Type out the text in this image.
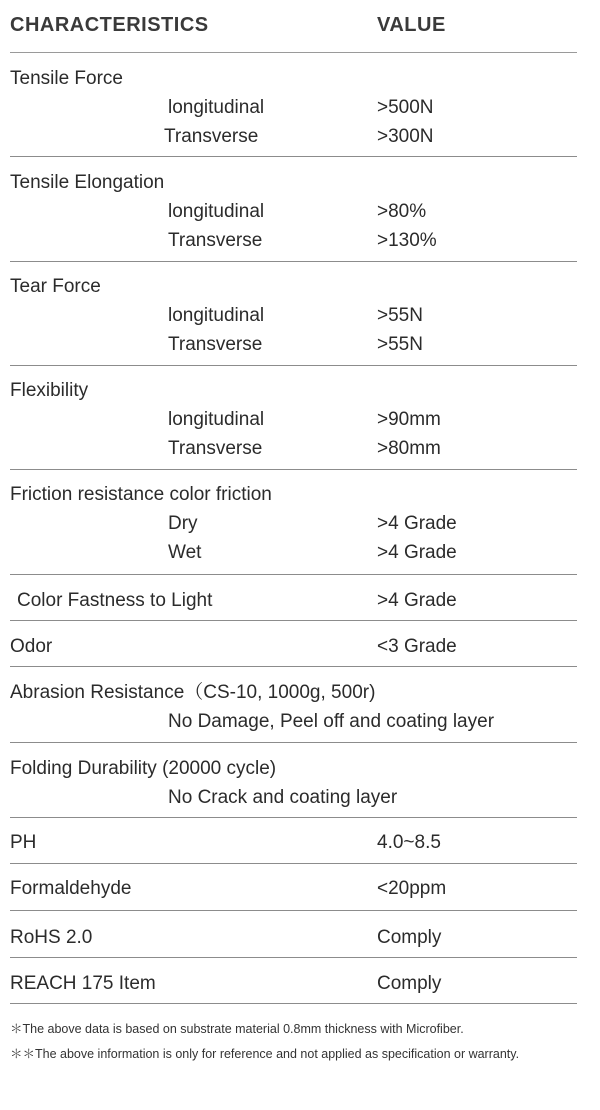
CHARACTERISTICS	VALUE
Tensile Force
longitudinal	>500N
Transverse	>300N
Tensile Elongation
longitudinal	>80%
Transverse	>130%
Tear Force
longitudinal	>55N
Transverse	>55N
Flexibility
longitudinal	>90mm
Transverse	>80mm
Friction resistance color friction
Dry	>4 Grade
Wet	>4 Grade
Color Fastness to Light	>4 Grade
Odor	<3 Grade
Abrasion Resistance（CS-10, 1000g, 500r)
No Damage, Peel off and coating layer
Folding Durability (20000 cycle)
No Crack and coating layer
PH	4.0~8.5
Formaldehyde	<20ppm
RoHS 2.0	Comply
REACH 175 Item	Comply
＊The above data is based on substrate material 0.8mm thickness with Microfiber.
＊＊The above information is only for reference and not applied as specification or warranty.
